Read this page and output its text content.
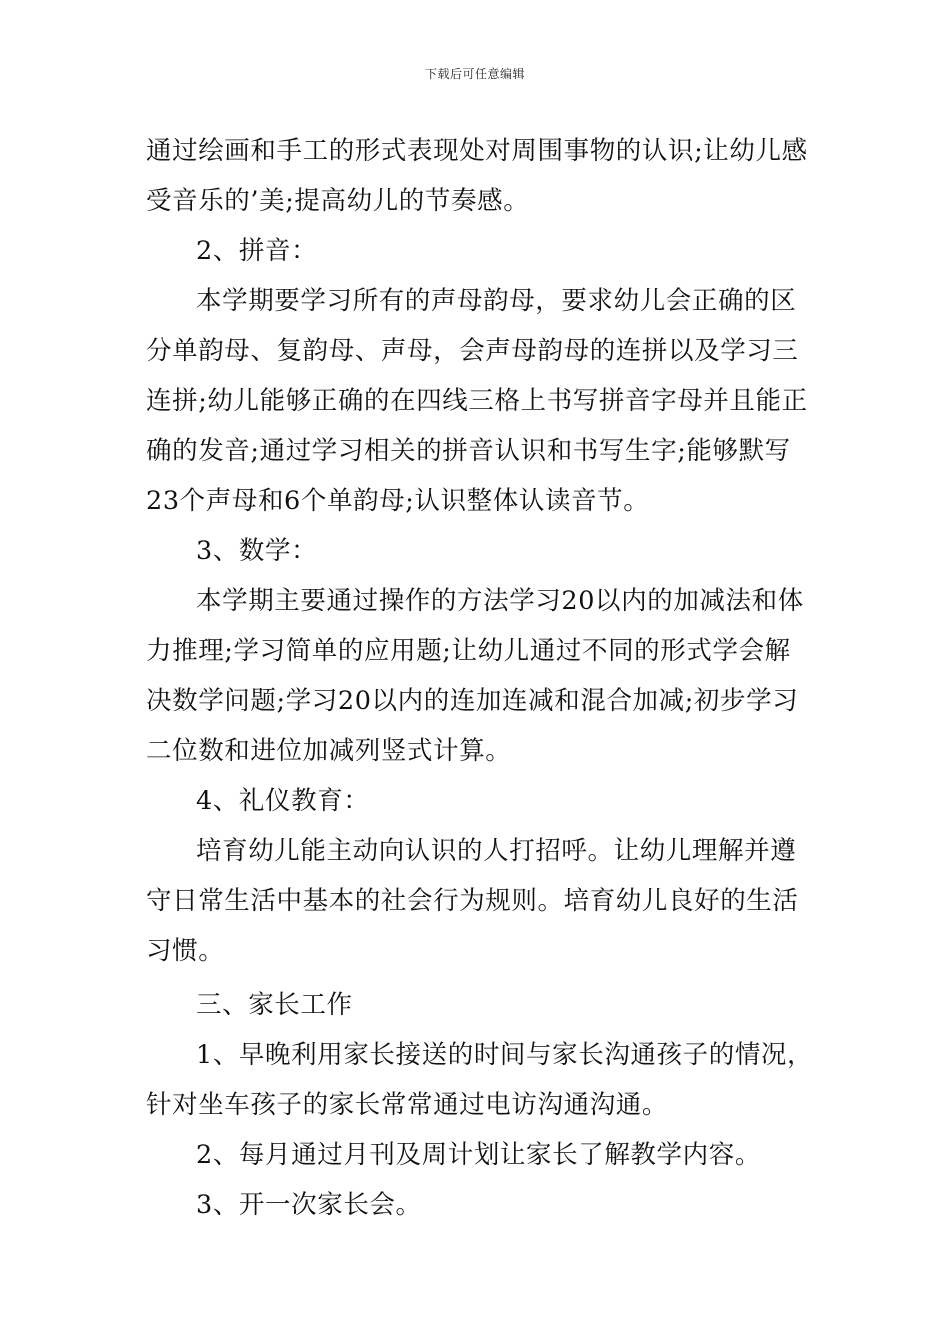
下载后可任意编辑
通过绘画和手工的形式表现处对周围事物的认识;让幼儿感
受音乐的’美;提高幼儿的节奏感。
2、拼音：
本学期要学习所有的声母韵母，要求幼儿会正确的区
分单韵母、复韵母、声母，会声母韵母的连拼以及学习三
连拼;幼儿能够正确的在四线三格上书写拼音字母并且能正
确的发音;通过学习相关的拼音认识和书写生字;能够默写
23个声母和6个单韵母;认识整体认读音节。
3、数学：
本学期主要通过操作的方法学习20以内的加减法和体
力推理;学习简单的应用题;让幼儿通过不同的形式学会解
决数学问题;学习20以内的连加连减和混合加减;初步学习
二位数和进位加减列竖式计算。
4、礼仪教育：
培育幼儿能主动向认识的人打招呼。让幼儿理解并遵
守日常生活中基本的社会行为规则。培育幼儿良好的生活
习惯。
三、家长工作
1、早晚利用家长接送的时间与家长沟通孩子的情况，
针对坐车孩子的家长常常通过电访沟通沟通。
2、每月通过月刊及周计划让家长了解教学内容。
3、开一次家长会。
